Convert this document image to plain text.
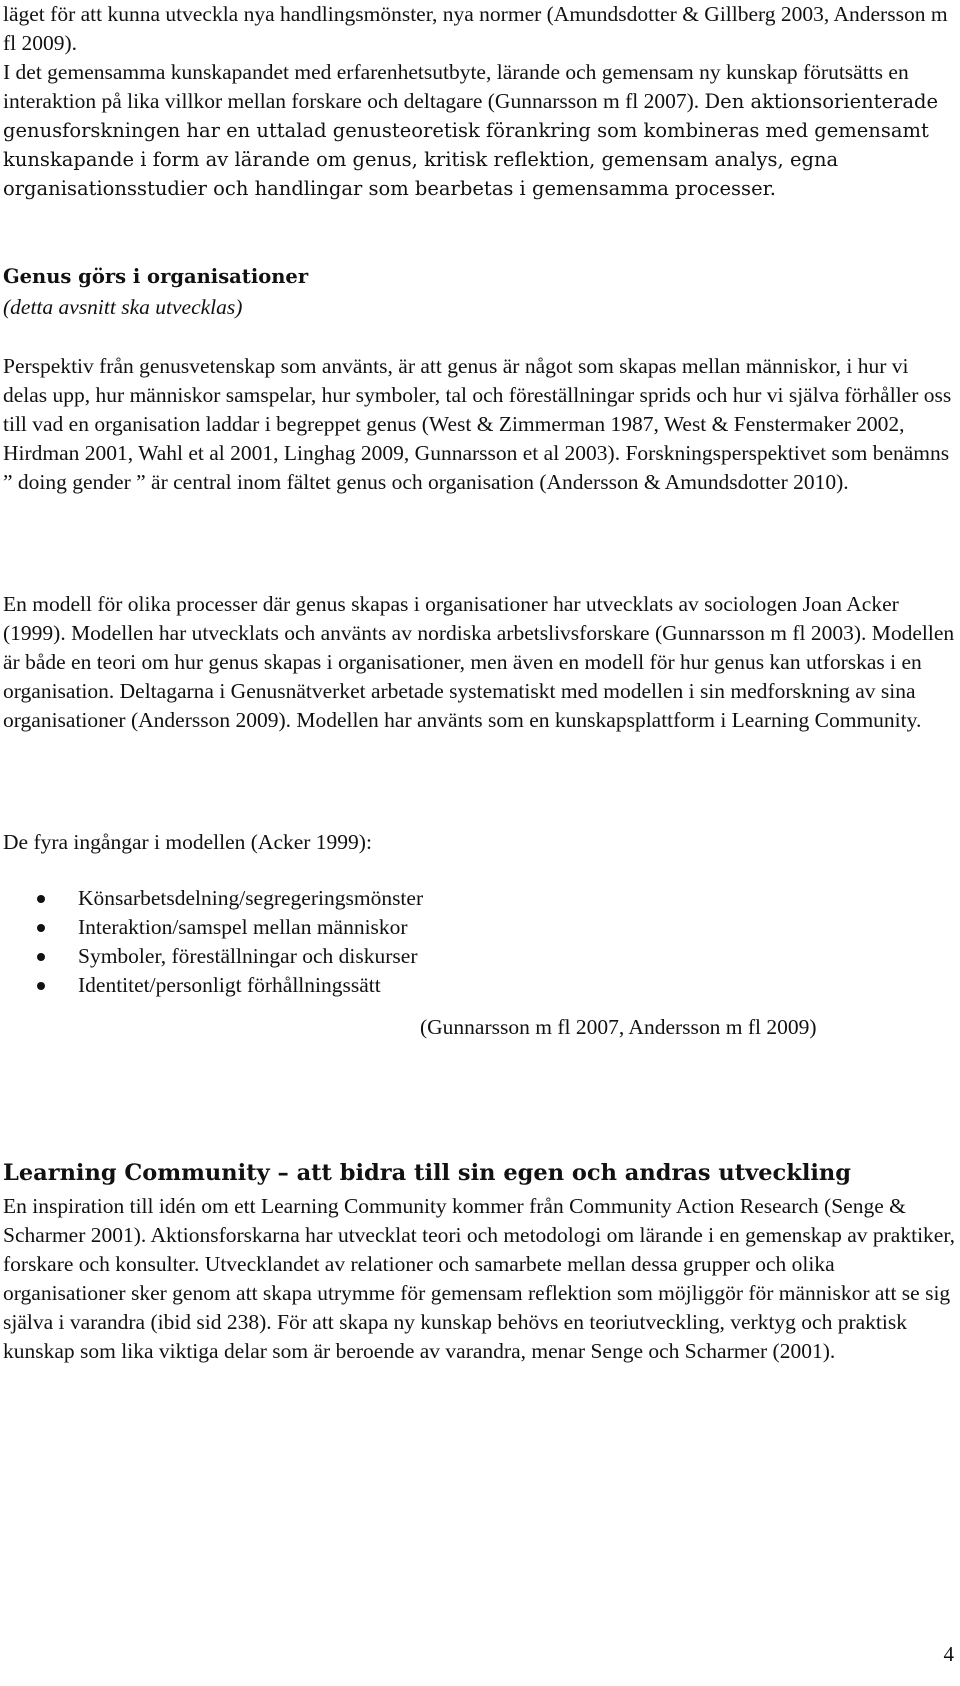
läget för att kunna utveckla nya handlingsmönster, nya normer (Amundsdotter & Gillberg 2003, Andersson m fl 2009).
I det gemensamma kunskapandet med erfarenhetsutbyte, lärande och gemensam ny kunskap förutsätts en interaktion på lika villkor mellan forskare och deltagare (Gunnarsson m fl 2007). Den aktionsorienterade genusforskningen har en uttalad genusteoretisk förankring som kombineras med gemensamt kunskapande i form av lärande om genus, kritisk reflektion, gemensam analys, egna organisationsstudier och handlingar som bearbetas i gemensamma processer.

Genus görs i organisationer

(detta avsnitt ska utvecklas)

Perspektiv från genusvetenskap som använts, är att genus är något som skapas mellan människor, i hur vi delas upp, hur människor samspelar, hur symboler, tal och föreställningar sprids och hur vi själva förhåller oss till vad en organisation laddar i begreppet genus (West & Zimmerman 1987, West & Fenstermaker 2002, Hirdman 2001, Wahl et al 2001, Linghag 2009, Gunnarsson et al 2003). Forskningsperspektivet som benämns ” doing gender ” är central inom fältet genus och organisation (Andersson & Amundsdotter 2010).

En modell för olika processer där genus skapas i organisationer har utvecklats av sociologen Joan Acker (1999). Modellen har utvecklats och använts av nordiska arbetslivsforskare (Gunnarsson m fl 2003). Modellen är både en teori om hur genus skapas i organisationer, men även en modell för hur genus kan utforskas i en organisation. Deltagarna i Genusnätverket arbetade systematiskt med modellen i sin medforskning av sina organisationer (Andersson 2009). Modellen har använts som en kunskapsplattform i Learning Community.

De fyra ingångar i modellen (Acker 1999):

Könsarbetsdelning/segregeringsmönster
Interaktion/samspel mellan människor
Symboler, föreställningar och diskurser
Identitet/personligt förhållningssätt

(Gunnarsson m fl 2007, Andersson m fl 2009)

Learning Community – att bidra till sin egen och andras utveckling

En inspiration till idén om ett Learning Community kommer från Community Action Research (Senge & Scharmer 2001). Aktionsforskarna har utvecklat teori och metodologi om lärande i en gemenskap av praktiker, forskare och konsulter. Utvecklandet av relationer och samarbete mellan dessa grupper och olika organisationer sker genom att skapa utrymme för gemensam reflektion som möjliggör för människor att se sig själva i varandra (ibid sid 238). För att skapa ny kunskap behövs en teoriutveckling, verktyg och praktisk kunskap som lika viktiga delar som är beroende av varandra, menar Senge och Scharmer (2001).

4
